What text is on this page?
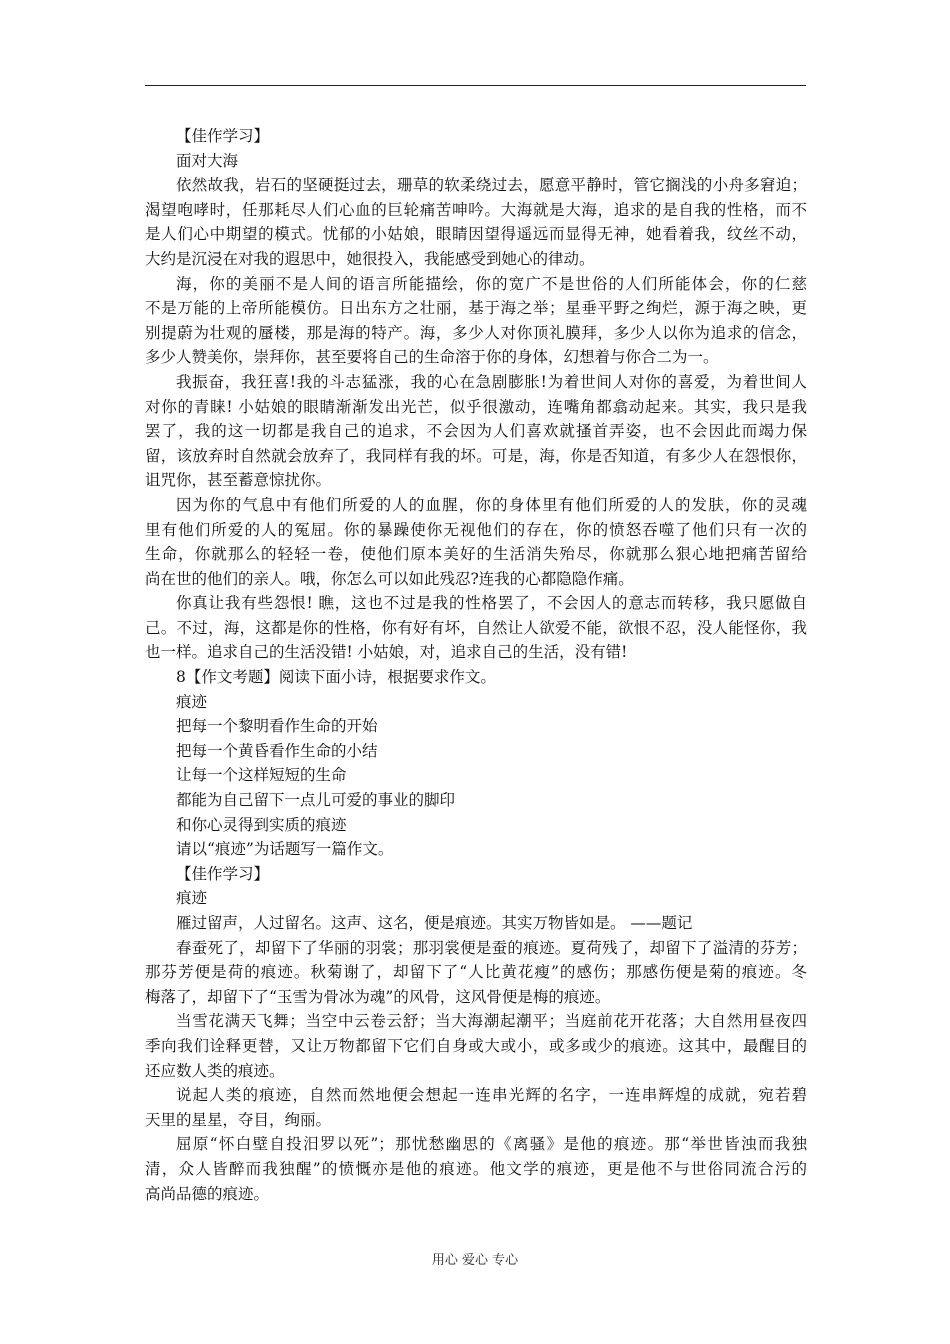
【佳作学习】
面对大海
依然故我，岩石的坚硬挺过去，珊草的软柔绕过去，愿意平静时，管它搁浅的小舟多窘迫；
渴望咆哮时，任那耗尽人们心血的巨轮痛苦呻吟。大海就是大海，追求的是自我的性格，而不
是人们心中期望的模式。忧郁的小姑娘，眼睛因望得遥远而显得无神，她看着我，纹丝不动，
大约是沉浸在对我的遐思中，她很投入，我能感受到她心的律动。
海，你的美丽不是人间的语言所能描绘，你的宽广不是世俗的人们所能体会，你的仁慈
不是万能的上帝所能模仿。日出东方之壮丽，基于海之举；星垂平野之绚烂，源于海之映，更
别提蔚为壮观的蜃楼，那是海的特产。海，多少人对你顶礼膜拜，多少人以你为追求的信念，
多少人赞美你，崇拜你，甚至要将自己的生命溶于你的身体，幻想着与你合二为一。
我振奋，我狂喜!我的斗志猛涨，我的心在急剧膨胀!为着世间人对你的喜爱，为着世间人
对你的青睐! 小姑娘的眼睛渐渐发出光芒，似乎很激动，连嘴角都翕动起来。其实，我只是我
罢了，我的这一切都是我自己的追求，不会因为人们喜欢就搔首弄姿，也不会因此而竭力保
留，该放弃时自然就会放弃了，我同样有我的坏。可是，海，你是否知道，有多少人在怨恨你，
诅咒你，甚至蓄意惊扰你。
因为你的气息中有他们所爱的人的血腥，你的身体里有他们所爱的人的发肤，你的灵魂
里有他们所爱的人的冤屈。你的暴躁使你无视他们的存在，你的愤怒吞噬了他们只有一次的
生命，你就那么的轻轻一卷，使他们原本美好的生活消失殆尽，你就那么狠心地把痛苦留给
尚在世的他们的亲人。哦，你怎么可以如此残忍?连我的心都隐隐作痛。
你真让我有些怨恨! 瞧，这也不过是我的性格罢了，不会因人的意志而转移，我只愿做自
己。不过，海，这都是你的性格，你有好有坏，自然让人欲爱不能，欲恨不忍，没人能怪你，我
也一样。追求自己的生活没错! 小姑娘，对，追求自己的生活，没有错!
8【作文考题】阅读下面小诗，根据要求作文。
痕迹
把每一个黎明看作生命的开始
把每一个黄昏看作生命的小结
让每一个这样短短的生命
都能为自己留下一点儿可爱的事业的脚印
和你心灵得到实质的痕迹
请以“痕迹”为话题写一篇作文。
【佳作学习】
痕迹
雁过留声，人过留名。这声、这名，便是痕迹。其实万物皆如是。 ——题记
春蚕死了，却留下了华丽的羽裳；那羽裳便是蚕的痕迹。夏荷残了，却留下了溢清的芬芳；
那芬芳便是荷的痕迹。秋菊谢了，却留下了“人比黄花瘦”的感伤；那感伤便是菊的痕迹。冬
梅落了，却留下了“玉雪为骨冰为魂”的风骨，这风骨便是梅的痕迹。
当雪花满天飞舞；当空中云卷云舒；当大海潮起潮平；当庭前花开花落；大自然用昼夜四
季向我们诠释更替，又让万物都留下它们自身或大或小，或多或少的痕迹。这其中，最醒目的
还应数人类的痕迹。
说起人类的痕迹，自然而然地便会想起一连串光辉的名字，一连串辉煌的成就，宛若碧
天里的星星，夺目，绚丽。
屈原“怀白壁自投汨罗以死”；那忧愁幽思的《离骚》是他的痕迹。那“举世皆浊而我独
清，众人皆醉而我独醒”的愤慨亦是他的痕迹。他文学的痕迹，更是他不与世俗同流合污的
高尚品德的痕迹。
用心 爱心 专心
